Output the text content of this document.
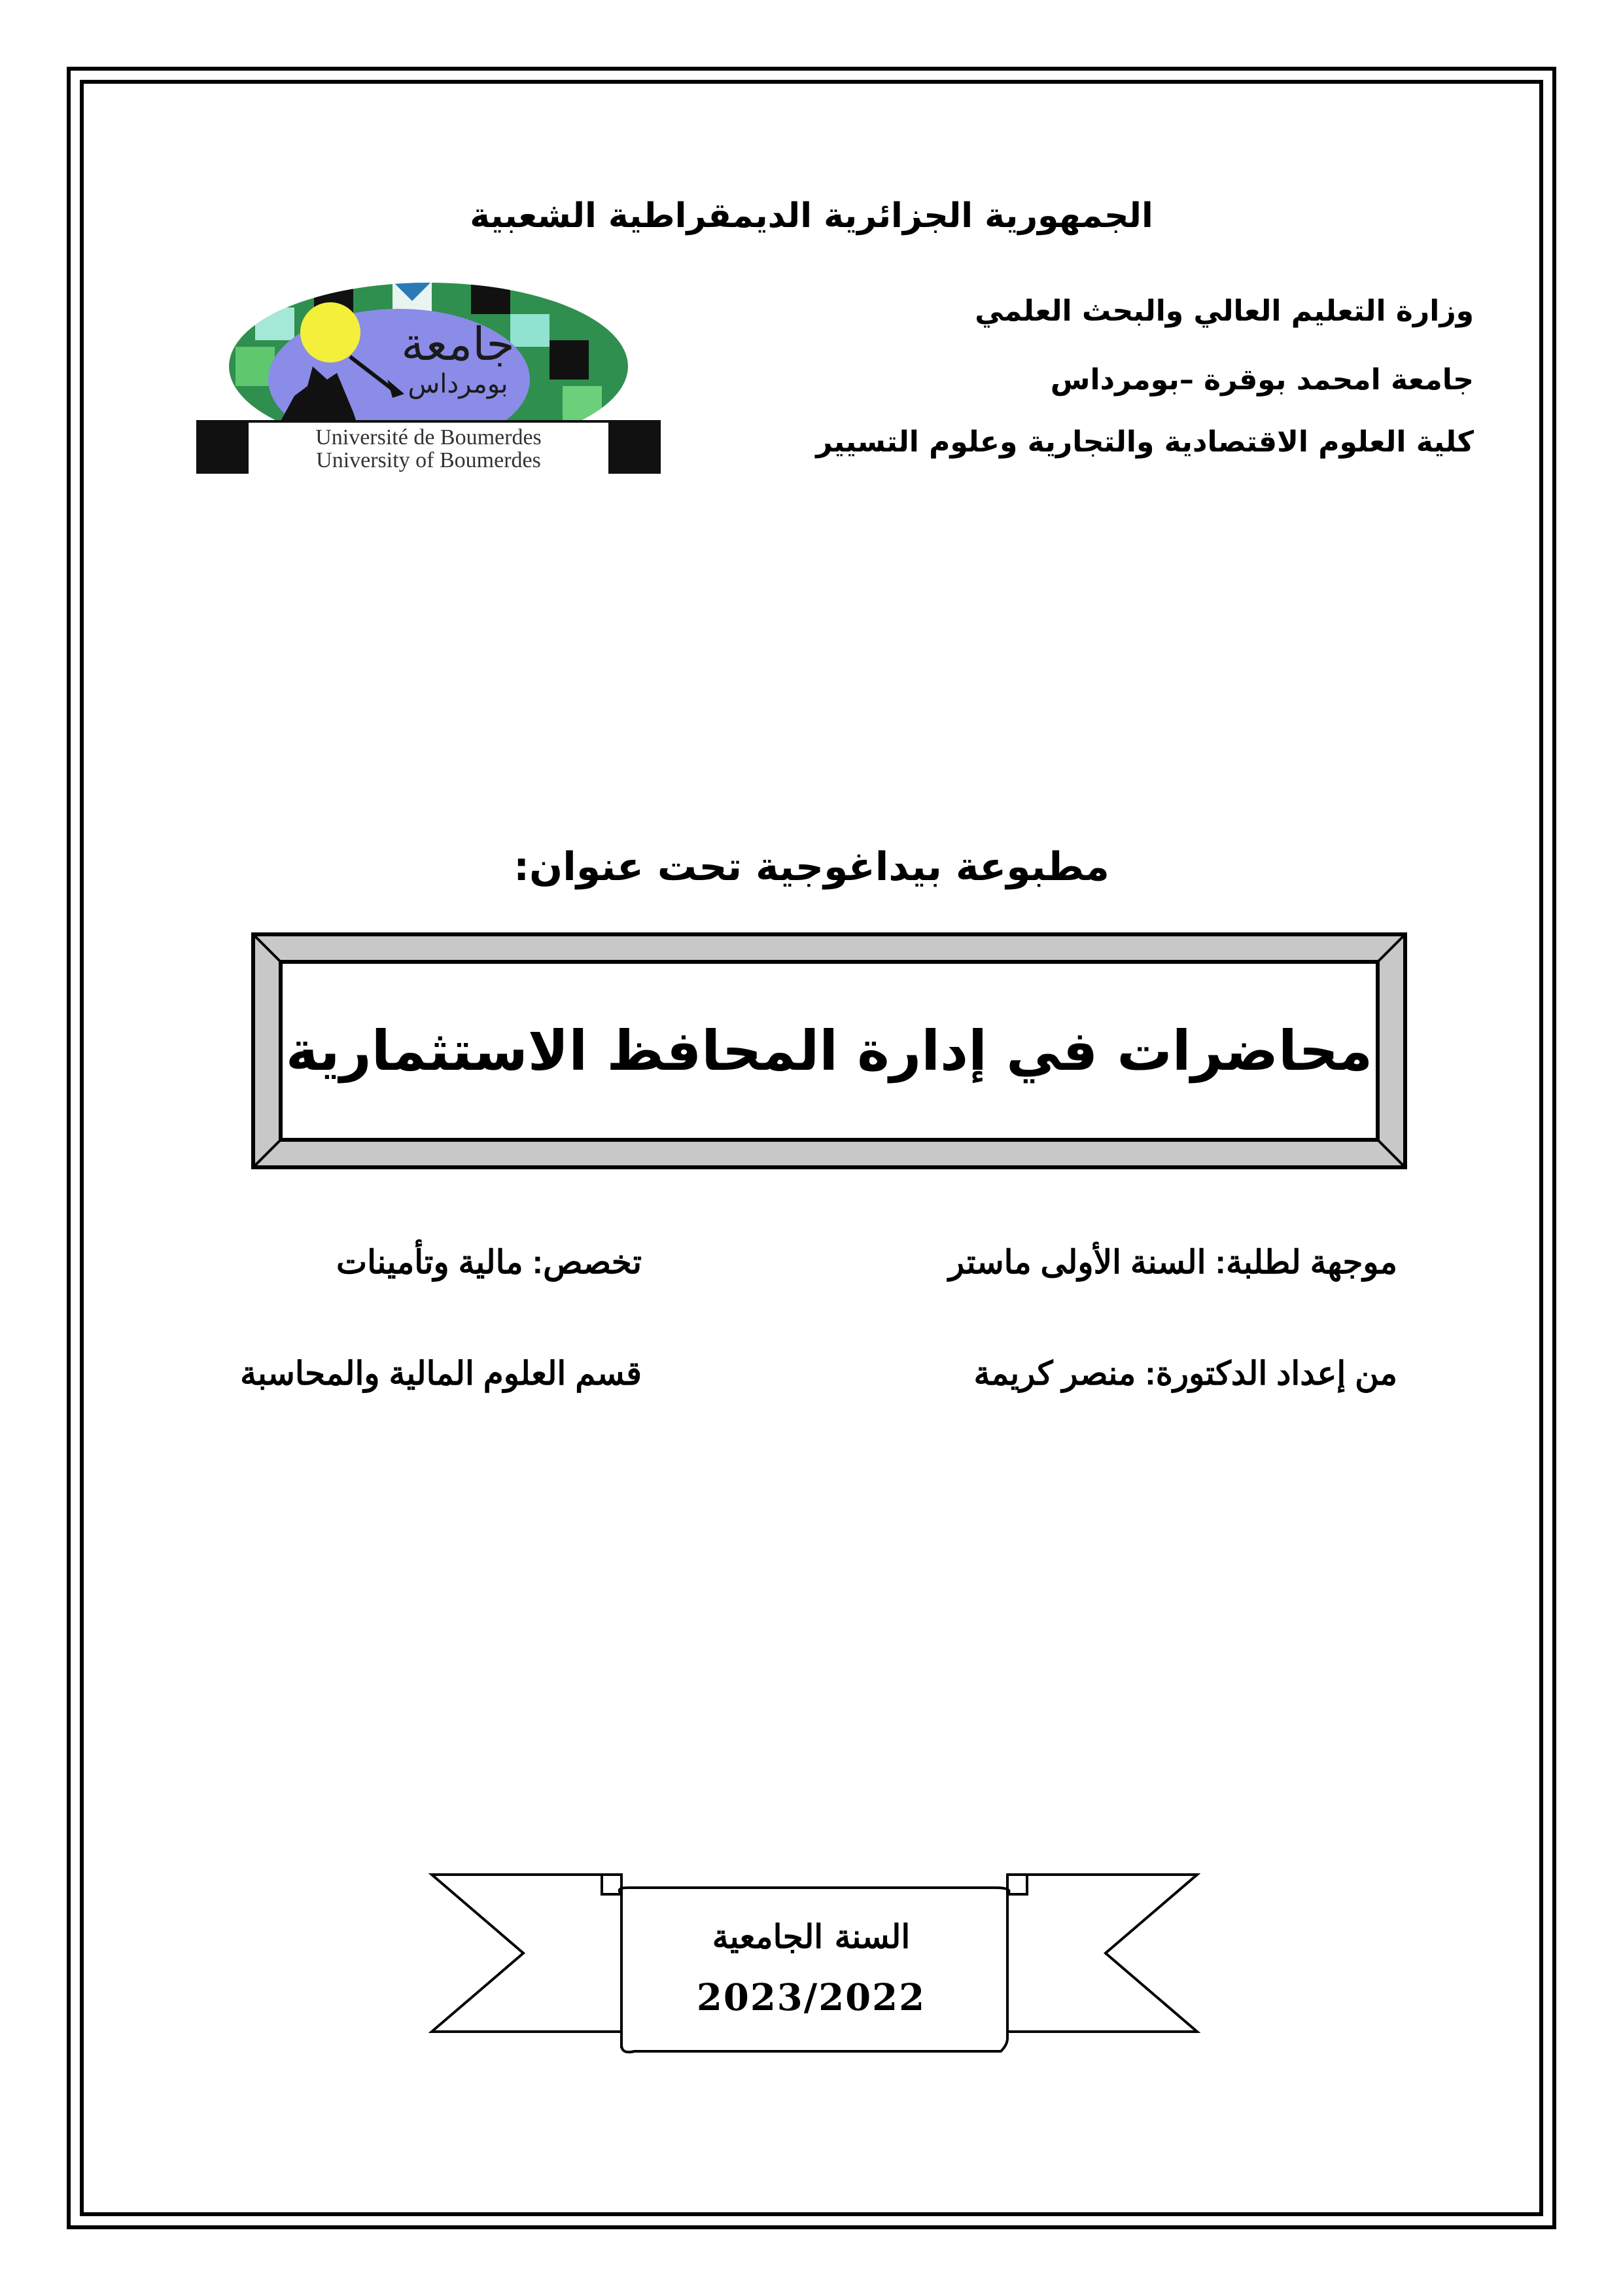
الجمهورية الجزائرية الديمقراطية الشعبية
وزارة التعليم العالي والبحث العلمي
جامعة امحمد بوقرة –بومرداس
كلية العلوم الاقتصادية والتجارية وعلوم التسيير
جامعة
بومرداس
Université de Boumerdes
University of Boumerdes
مطبوعة بيداغوجية تحت عنوان:
محاضرات في إدارة المحافظ الاستثمارية
موجهة لطلبة: السنة الأولى ماستر
تخصص: مالية وتأمينات
من إعداد الدكتورة: منصر كريمة
قسم العلوم المالية والمحاسبة
السنة الجامعية
2023/2022
